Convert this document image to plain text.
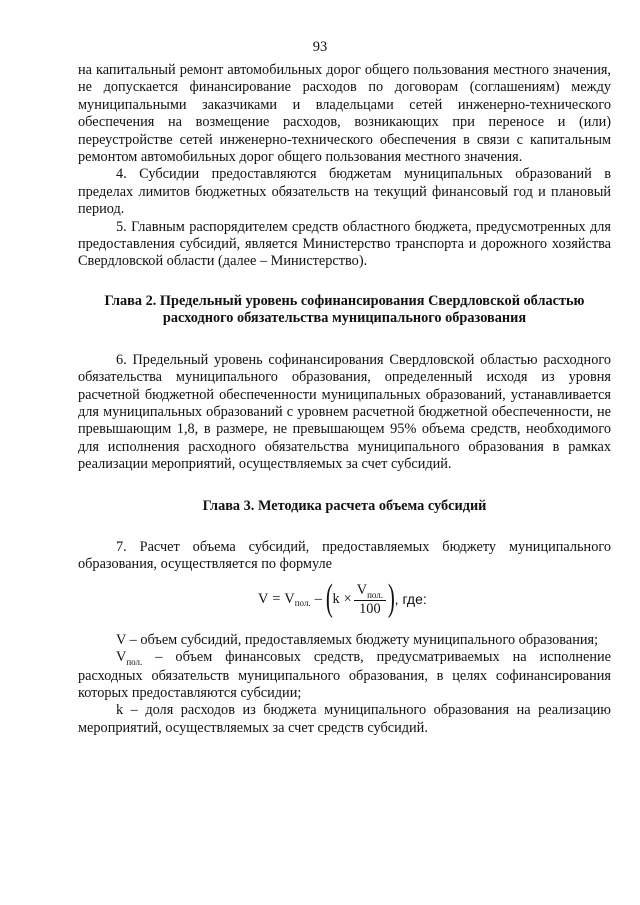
93

на капитальный ремонт автомобильных дорог общего пользования местного значения, не допускается финансирование расходов по договорам (соглашениям) между муниципальными заказчиками и владельцами сетей инженерно-технического обеспечения на возмещение расходов, возникающих при переносе и (или) переустройстве сетей инженерно-технического обеспечения в связи с капитальным ремонтом автомобильных дорог общего пользования местного значения.

4. Субсидии предоставляются бюджетам муниципальных образований в пределах лимитов бюджетных обязательств на текущий финансовый год и плановый период.

5. Главным распорядителем средств областного бюджета, предусмотренных для предоставления субсидий, является Министерство транспорта и дорожного хозяйства Свердловской области (далее – Министерство).

Глава 2. Предельный уровень софинансирования Свердловской областью

расходного обязательства муниципального образования

6. Предельный уровень софинансирования Свердловской областью расходного обязательства муниципального образования, определенный исходя из уровня расчетной бюджетной обеспеченности муниципальных образований, устанавливается для муниципальных образований с уровнем расчетной бюджетной обеспеченности, не превышающим 1,8, в размере, не превышающем 95% объема средств, необходимого для исполнения расходного обязательства муниципального образования в рамках реализации мероприятий, осуществляемых за счет субсидий.

Глава 3. Методика расчета объема субсидий

7. Расчет объема субсидий, предоставляемых бюджету муниципального образования, осуществляется по формуле

V = V пол. – ( $k \times \frac{V_{пол.}}{100}$ ) , где:

V – объем субсидий, предоставляемых бюджету муниципального образования;

$V_{пол.}$ – объем финансовых средств, предусматриваемых на исполнение расходных обязательств муниципального образования, в целях софинансирования которых предоставляются субсидии;

k – доля расходов из бюджета муниципального образования на реализацию мероприятий, осуществляемых за счет средств субсидий.
